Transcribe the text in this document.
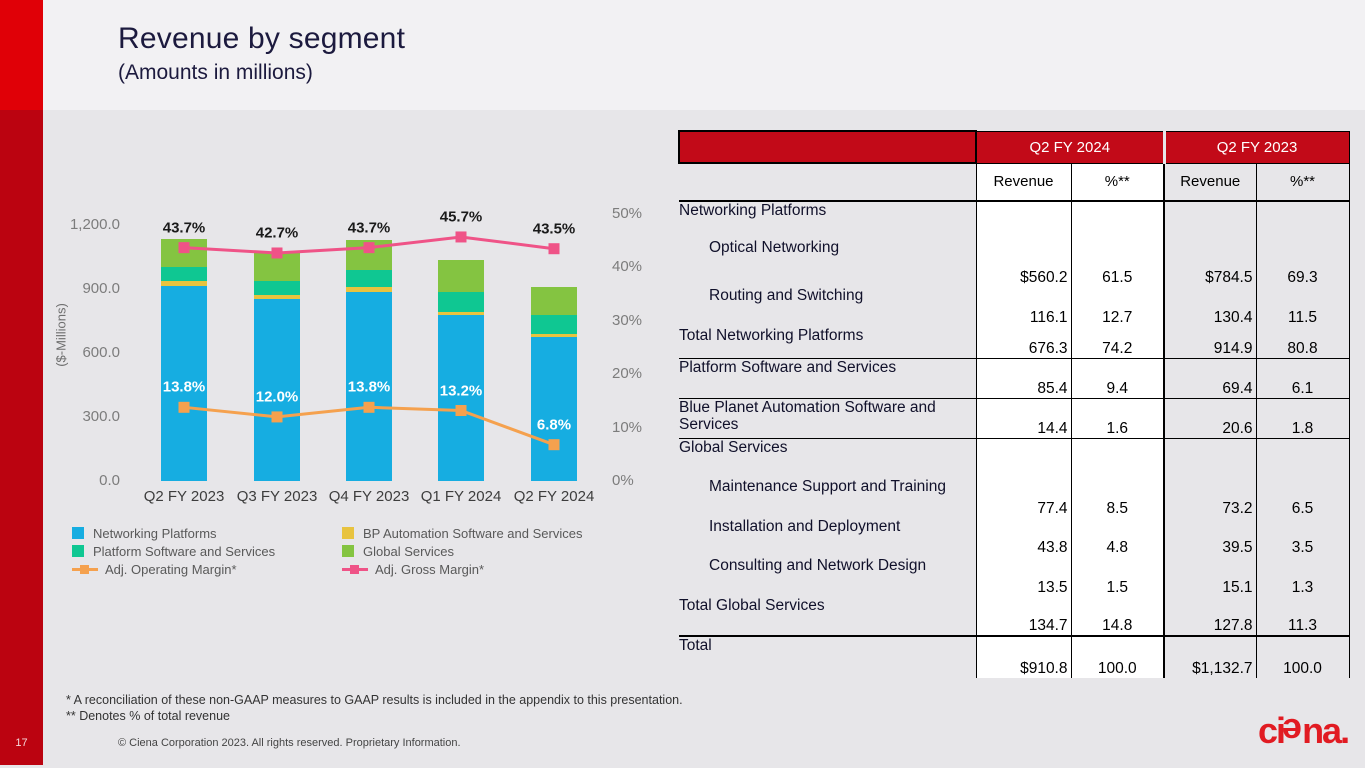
Revenue by segment
(Amounts in millions)
($-Millions)
0.0
300.0
600.0
900.0
1,200.0
0%
10%
20%
30%
40%
50%
Q2 FY 2023 Q3 FY 2023 Q4 FY 2023 Q1 FY 2024 Q2 FY 2024
13.8%
12.0%
13.8%	13.2%
6.8%
43.7%	42.7%	43.7%
45.7%
43.5%
Networking Platforms
Platform Software and Services
Adj. Operating Margin*
BP Automation Software and Services
Global Services
Adj. Gross Margin*
	Q2 FY 2024		Q2 FY 2023	
	Revenue	%**	Revenue	%**
Networking Platforms				
Optical Networking	$560.2	61.5	$784.5	69.3
Routing and Switching	116.1	12.7	130.4	11.5
Total Networking Platforms	676.3	74.2	914.9	80.8
Platform Software and Services	85.4	9.4	69.4	6.1
Blue Planet Automation Software and Services	14.4	1.6	20.6	1.8
Global Services				
Maintenance Support and Training	77.4	8.5	73.2	6.5
Installation and Deployment	43.8	4.8	39.5	3.5
Consulting and Network Design	13.5	1.5	15.1	1.3
Total Global Services	134.7	14.8	127.8	11.3
Total	$910.8	100.0	$1,132.7	100.0
* A reconciliation of these non-GAAP measures to GAAP results is included in the appendix to this presentation.
** Denotes % of total revenue
© Ciena Corporation 2023. All rights reserved. Proprietary Information.
17	ciena.
